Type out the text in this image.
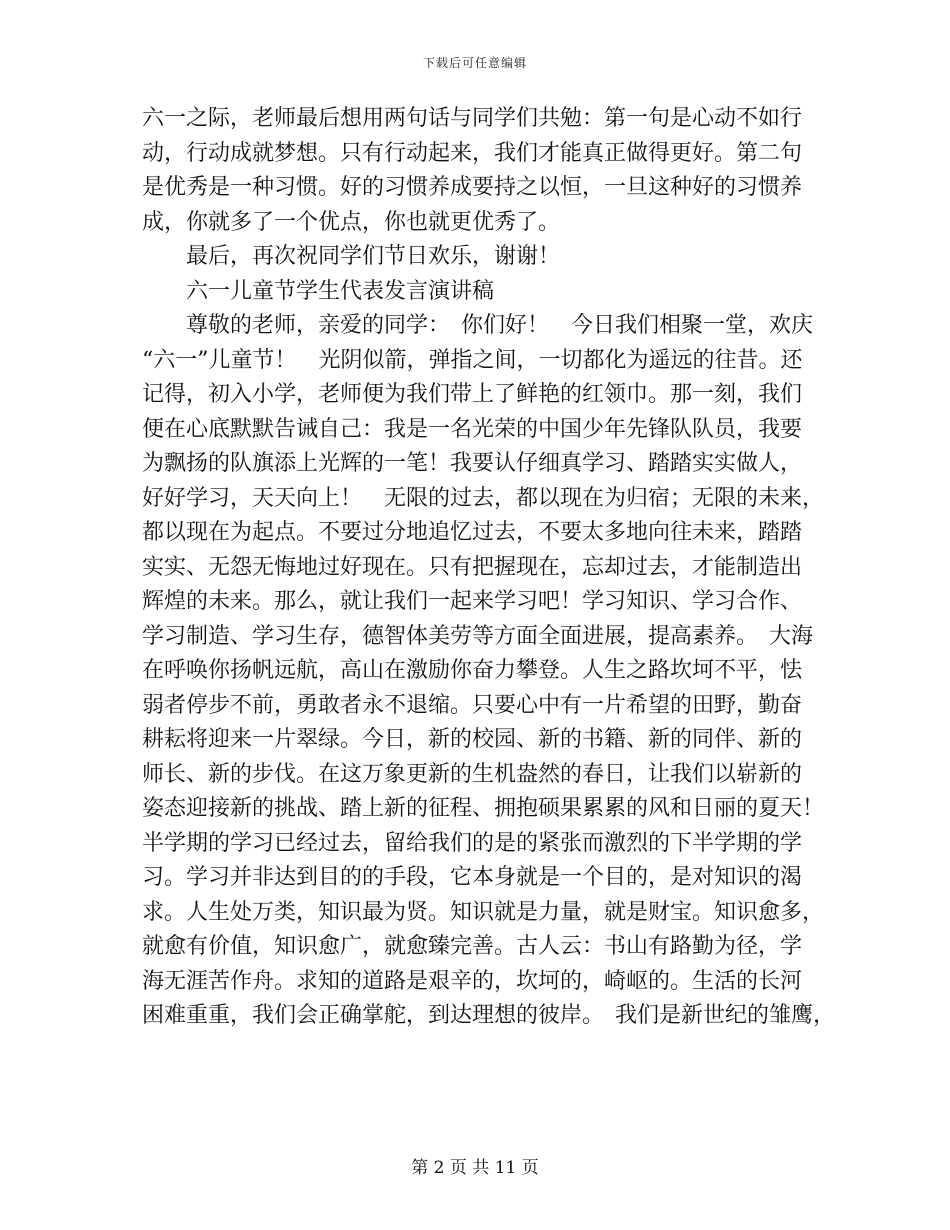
下载后可任意编辑
六一之际，老师最后想用两句话与同学们共勉：第一句是心动不如行
动，行动成就梦想。只有行动起来，我们才能真正做得更好。第二句
是优秀是一种习惯。好的习惯养成要持之以恒，一旦这种好的习惯养
成，你就多了一个优点，你也就更优秀了。
　　最后，再次祝同学们节日欢乐，谢谢！
　　六一儿童节学生代表发言演讲稿
　　尊敬的老师，亲爱的同学：　你们好！　今日我们相聚一堂，欢庆
“六一”儿童节！　光阴似箭，弹指之间，一切都化为遥远的往昔。还
记得，初入小学，老师便为我们带上了鲜艳的红领巾。那一刻，我们
便在心底默默告诫自己：我是一名光荣的中国少年先锋队队员，我要
为飘扬的队旗添上光辉的一笔！我要认仔细真学习、踏踏实实做人，
好好学习，天天向上！　无限的过去，都以现在为归宿；无限的未来，
都以现在为起点。不要过分地追忆过去，不要太多地向往未来，踏踏
实实、无怨无悔地过好现在。只有把握现在，忘却过去，才能制造出
辉煌的未来。那么，就让我们一起来学习吧！学习知识、学习合作、
学习制造、学习生存，德智体美劳等方面全面进展，提高素养。　大海
在呼唤你扬帆远航，高山在激励你奋力攀登。人生之路坎坷不平，怯
弱者停步不前，勇敢者永不退缩。只要心中有一片希望的田野，勤奋
耕耘将迎来一片翠绿。今日，新的校园、新的书籍、新的同伴、新的
师长、新的步伐。在这万象更新的生机盎然的春日，让我们以崭新的
姿态迎接新的挑战、踏上新的征程、拥抱硕果累累的风和日丽的夏天！
半学期的学习已经过去，留给我们的是的紧张而激烈的下半学期的学
习。学习并非达到目的的手段，它本身就是一个目的，是对知识的渴
求。人生处万类，知识最为贤。知识就是力量，就是财宝。知识愈多，
就愈有价值，知识愈广，就愈臻完善。古人云：书山有路勤为径，学
海无涯苦作舟。求知的道路是艰辛的，坎坷的，崎岖的。生活的长河
困难重重，我们会正确掌舵，到达理想的彼岸。　我们是新世纪的雏鹰，
第 2 页 共 11 页
